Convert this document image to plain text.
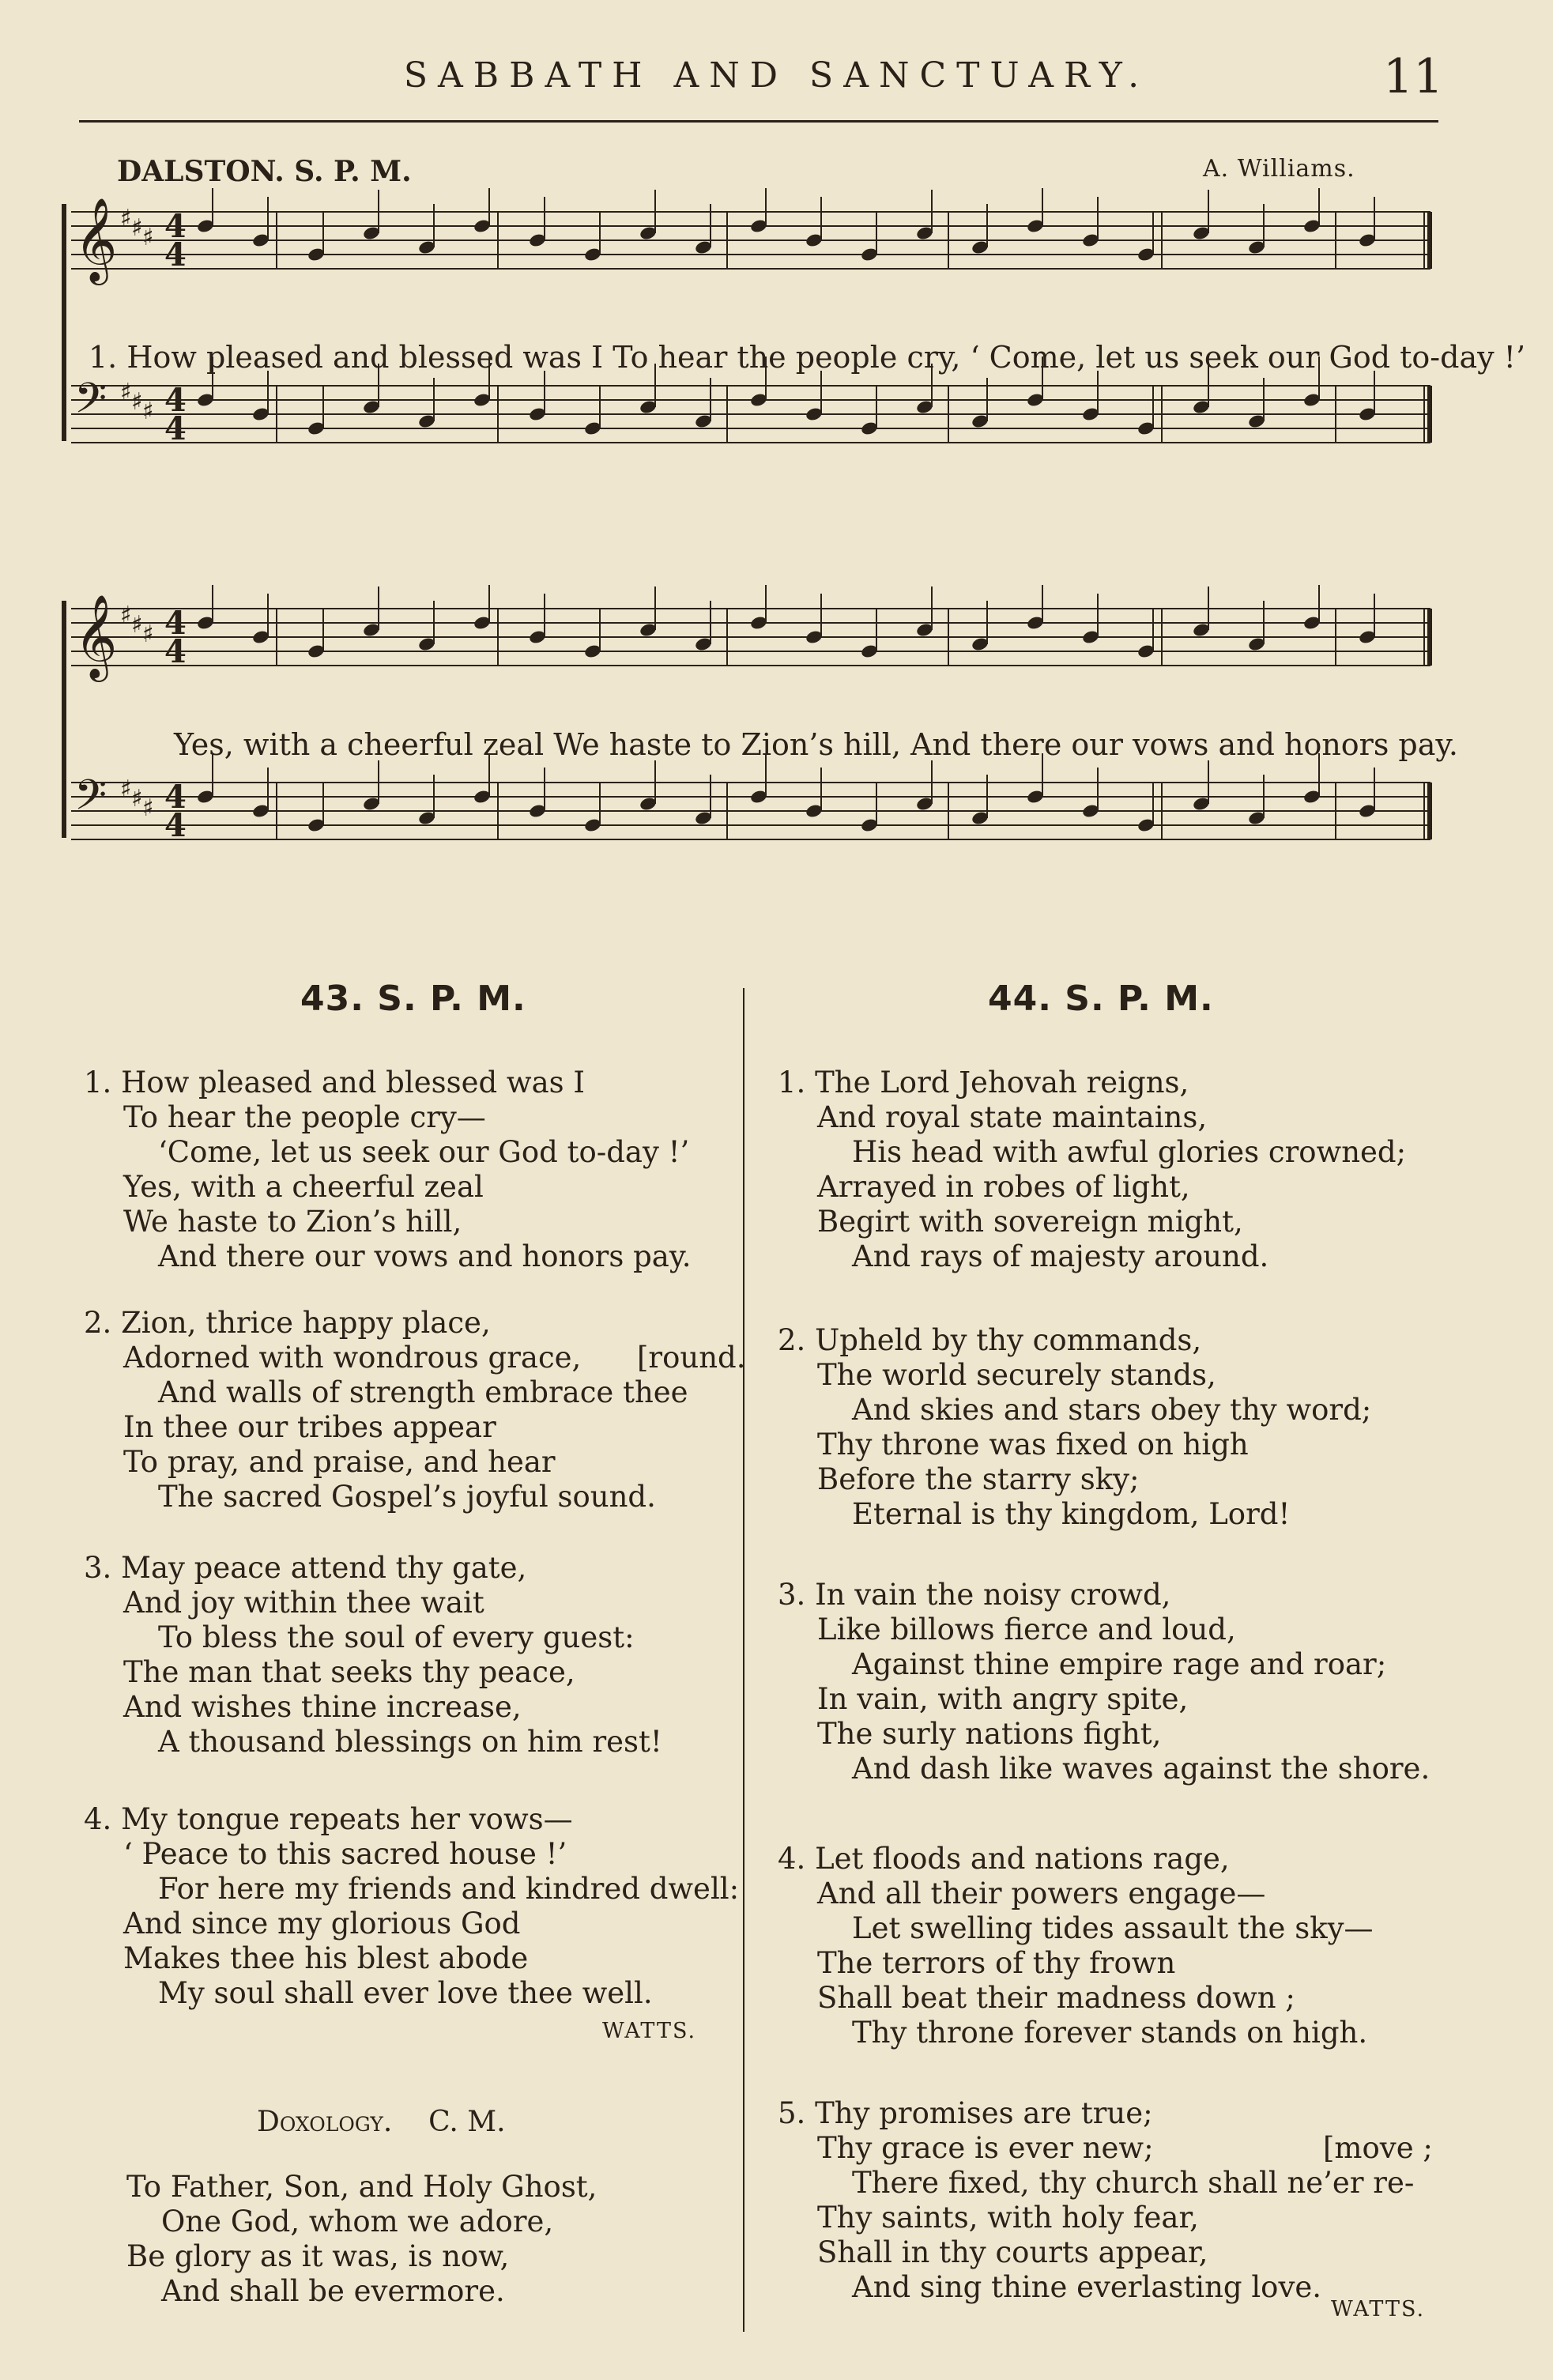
SABBATH AND SANCTUARY.	11
DALSTON. S. P. M.	A. Williams.
𝄞 ♯ ♯ ♯ 4
4
𝄢 ♯ ♯ ♯ 4
4
1. How pleased and blessed was I To hear the people cry, ‘ Come, let us seek our God to-day !’
𝄞 ♯ ♯ ♯ 4
4
𝄢 ♯ ♯ ♯ 4
4
Yes, with a cheerful zeal We haste to Zion’s hill, And there our vows and honors pay.
43. S. P. M.	44. S. P. M.
1. How pleased and blessed was I
To hear the people cry—
‘Come, let us seek our God to-day !’
Yes, with a cheerful zeal
We haste to Zion’s hill,
And there our vows and honors pay.
2. Zion, thrice happy place,
Adorned with wondrous grace,
And walls of strength embrace thee
In thee our tribes appear
To pray, and praise, and hear
The sacred Gospel’s joyful sound.
[round.
3. May peace attend thy gate,
And joy within thee wait
To bless the soul of every guest:
The man that seeks thy peace,
And wishes thine increase,
A thousand blessings on him rest!
4. My tongue repeats her vows—
‘ Peace to this sacred house !’
For here my friends and kindred dwell:
And since my glorious God
Makes thee his blest abode
My soul shall ever love thee well.
WATTS.
Doxology. C. M.
To Father, Son, and Holy Ghost,
One God, whom we adore,
Be glory as it was, is now,
And shall be evermore.
1. The Lord Jehovah reigns,
And royal state maintains,
His head with awful glories crowned;
Arrayed in robes of light,
Begirt with sovereign might,
And rays of majesty around.
2. Upheld by thy commands,
The world securely stands,
And skies and stars obey thy word;
Thy throne was fixed on high
Before the starry sky;
Eternal is thy kingdom, Lord!
3. In vain the noisy crowd,
Like billows fierce and loud,
Against thine empire rage and roar;
In vain, with angry spite,
The surly nations fight,
And dash like waves against the shore.
4. Let floods and nations rage,
And all their powers engage—
Let swelling tides assault the sky—
The terrors of thy frown
Shall beat their madness down ;
Thy throne forever stands on high.
5. Thy promises are true;
Thy grace is ever new;
There fixed, thy church shall ne’er re-
Thy saints, with holy fear,
Shall in thy courts appear,
And sing thine everlasting love.
[move ;
WATTS.
